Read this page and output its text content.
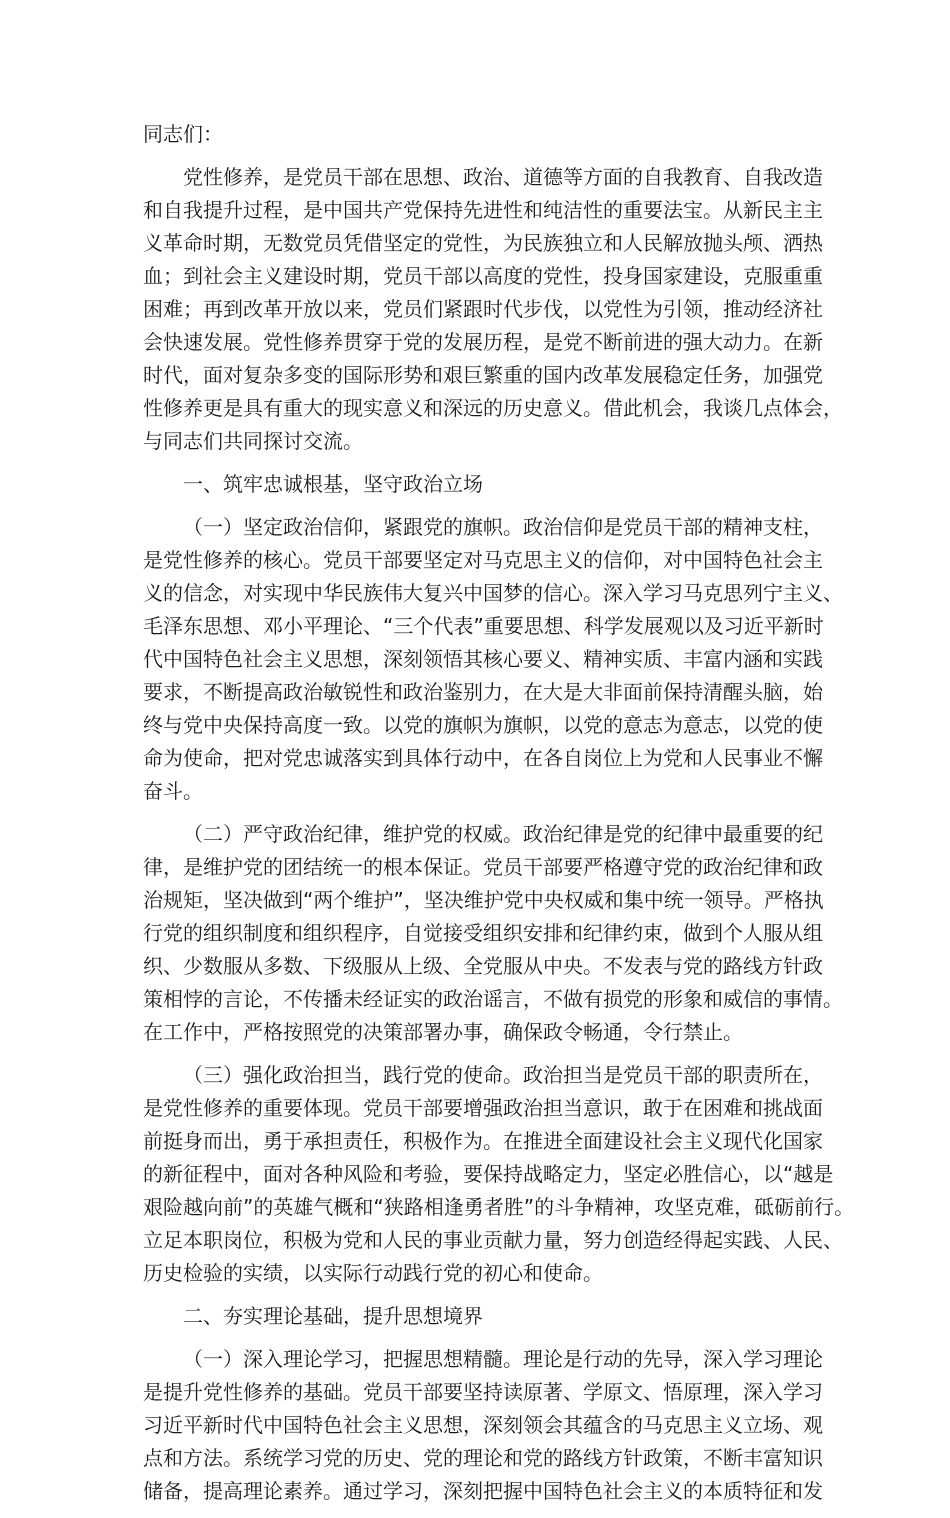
同志们：
党性修养，是党员干部在思想、政治、道德等方面的自我教育、自我改造
和自我提升过程，是中国共产党保持先进性和纯洁性的重要法宝。从新民主主
义革命时期，无数党员凭借坚定的党性，为民族独立和人民解放抛头颅、洒热
血；到社会主义建设时期，党员干部以高度的党性，投身国家建设，克服重重
困难；再到改革开放以来，党员们紧跟时代步伐，以党性为引领，推动经济社
会快速发展。党性修养贯穿于党的发展历程，是党不断前进的强大动力。在新
时代，面对复杂多变的国际形势和艰巨繁重的国内改革发展稳定任务，加强党
性修养更是具有重大的现实意义和深远的历史意义。借此机会，我谈几点体会，
与同志们共同探讨交流。
一、筑牢忠诚根基，坚守政治立场
（一）坚定政治信仰，紧跟党的旗帜。政治信仰是党员干部的精神支柱，
是党性修养的核心。党员干部要坚定对马克思主义的信仰，对中国特色社会主
义的信念，对实现中华民族伟大复兴中国梦的信心。深入学习马克思列宁主义、
毛泽东思想、邓小平理论、“三个代表”重要思想、科学发展观以及习近平新时
代中国特色社会主义思想，深刻领悟其核心要义、精神实质、丰富内涵和实践
要求，不断提高政治敏锐性和政治鉴别力，在大是大非面前保持清醒头脑，始
终与党中央保持高度一致。以党的旗帜为旗帜，以党的意志为意志，以党的使
命为使命，把对党忠诚落实到具体行动中，在各自岗位上为党和人民事业不懈
奋斗。
（二）严守政治纪律，维护党的权威。政治纪律是党的纪律中最重要的纪
律，是维护党的团结统一的根本保证。党员干部要严格遵守党的政治纪律和政
治规矩，坚决做到“两个维护”，坚决维护党中央权威和集中统一领导。严格执
行党的组织制度和组织程序，自觉接受组织安排和纪律约束，做到个人服从组
织、少数服从多数、下级服从上级、全党服从中央。不发表与党的路线方针政
策相悖的言论，不传播未经证实的政治谣言，不做有损党的形象和威信的事情。
在工作中，严格按照党的决策部署办事，确保政令畅通，令行禁止。
（三）强化政治担当，践行党的使命。政治担当是党员干部的职责所在，
是党性修养的重要体现。党员干部要增强政治担当意识，敢于在困难和挑战面
前挺身而出，勇于承担责任，积极作为。在推进全面建设社会主义现代化国家
的新征程中，面对各种风险和考验，要保持战略定力，坚定必胜信心，以“越是
艰险越向前”的英雄气概和“狭路相逢勇者胜”的斗争精神，攻坚克难，砥砺前行。
立足本职岗位，积极为党和人民的事业贡献力量，努力创造经得起实践、人民、
历史检验的实绩，以实际行动践行党的初心和使命。
二、夯实理论基础，提升思想境界
（一）深入理论学习，把握思想精髓。理论是行动的先导，深入学习理论
是提升党性修养的基础。党员干部要坚持读原著、学原文、悟原理，深入学习
习近平新时代中国特色社会主义思想，深刻领会其蕴含的马克思主义立场、观
点和方法。系统学习党的历史、党的理论和党的路线方针政策，不断丰富知识
储备，提高理论素养。通过学习，深刻把握中国特色社会主义的本质特征和发
